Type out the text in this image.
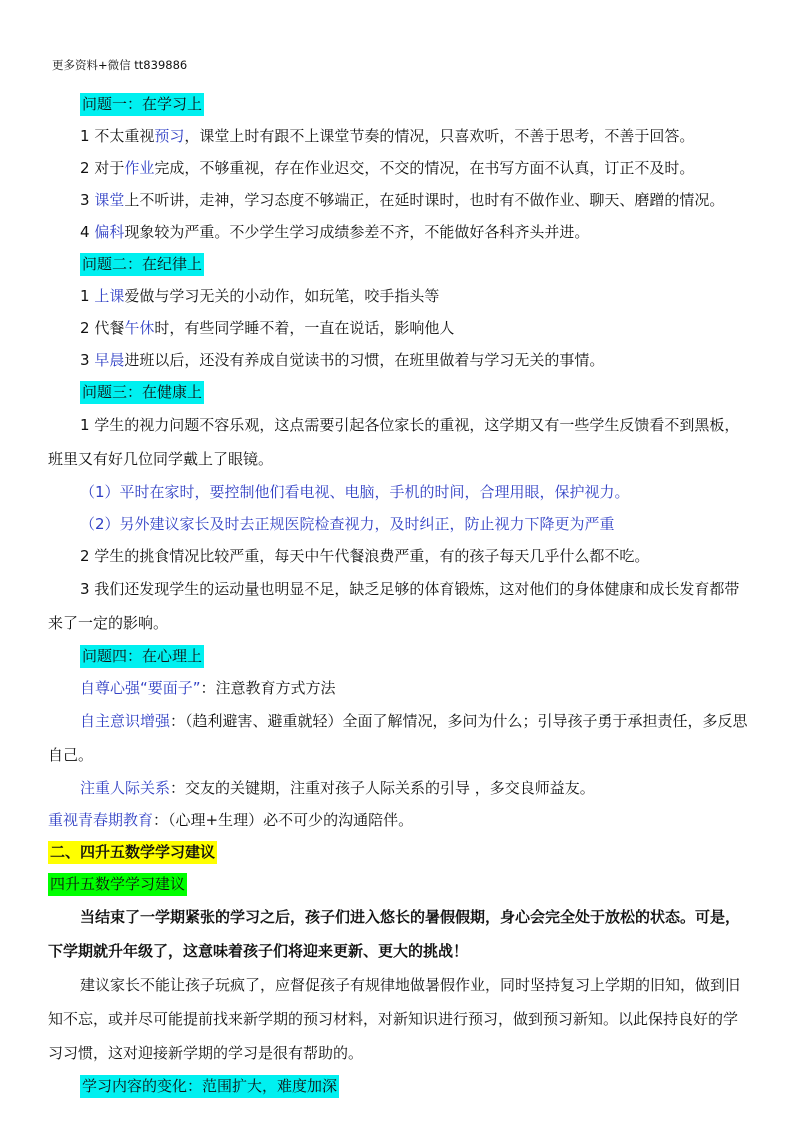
更多资料+微信 tt839886
问题一：在学习上
1 不太重视预习，课堂上时有跟不上课堂节奏的情况，只喜欢听，不善于思考，不善于回答。
2 对于作业完成，不够重视，存在作业迟交，不交的情况，在书写方面不认真，订正不及时。
3 课堂上不听讲，走神，学习态度不够端正，在延时课时，也时有不做作业、聊天、磨蹭的情况。
4 偏科现象较为严重。不少学生学习成绩参差不齐，不能做好各科齐头并进。
问题二：在纪律上
1 上课爱做与学习无关的小动作，如玩笔，咬手指头等
2 代餐午休时，有些同学睡不着，一直在说话，影响他人
3 早晨进班以后，还没有养成自觉读书的习惯，在班里做着与学习无关的事情。
问题三：在健康上
1 学生的视力问题不容乐观，这点需要引起各位家长的重视，这学期又有一些学生反馈看不到黑板，班里又有好几位同学戴上了眼镜。
（1）平时在家时，要控制他们看电视、电脑，手机的时间，合理用眼，保护视力。
（2）另外建议家长及时去正规医院检查视力，及时纠正，防止视力下降更为严重
2 学生的挑食情况比较严重，每天中午代餐浪费严重，有的孩子每天几乎什么都不吃。
3 我们还发现学生的运动量也明显不足，缺乏足够的体育锻炼，这对他们的身体健康和成长发育都带来了一定的影响。
问题四：在心理上
自尊心强“要面子”：注意教育方式方法
自主意识增强：（趋利避害、避重就轻）全面了解情况，多问为什么；引导孩子勇于承担责任，多反思自己。
注重人际关系：交友的关键期，注重对孩子人际关系的引导 ，多交良师益友。
重视青春期教育：（心理+生理）必不可少的沟通陪伴。
二、四升五数学学习建议
四升五数学学习建议
当结束了一学期紧张的学习之后，孩子们进入悠长的暑假假期，身心会完全处于放松的状态。可是，下学期就升年级了，这意味着孩子们将迎来更新、更大的挑战！
建议家长不能让孩子玩疯了，应督促孩子有规律地做暑假作业，同时坚持复习上学期的旧知，做到旧知不忘，或并尽可能提前找来新学期的预习材料，对新知识进行预习，做到预习新知。以此保持良好的学习习惯，这对迎接新学期的学习是很有帮助的。
学习内容的变化：范围扩大，难度加深
